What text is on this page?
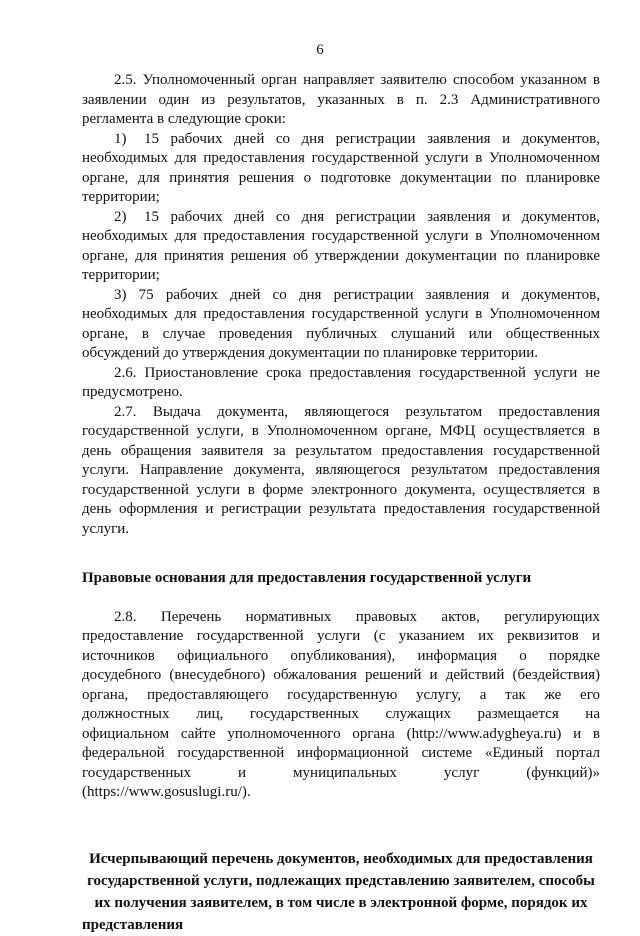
6

2.5. Уполномоченный орган направляет заявителю способом указанном в заявлении один из результатов, указанных в п. 2.3 Административного регламента в следующие сроки:

1) 15 рабочих дней со дня регистрации заявления и документов, необходимых для предоставления государственной услуги в Уполномоченном органе, для принятия решения о подготовке документации по планировке территории;

2) 15 рабочих дней со дня регистрации заявления и документов, необходимых для предоставления государственной услуги в Уполномоченном органе, для принятия решения об утверждении документации по планировке территории;

3) 75 рабочих дней со дня регистрации заявления и документов, необходимых для предоставления государственной услуги в Уполномоченном органе, в случае проведения публичных слушаний или общественных обсуждений до утверждения документации по планировке территории.

2.6. Приостановление срока предоставления государственной услуги не предусмотрено.

2.7. Выдача документа, являющегося результатом предоставления государственной услуги, в Уполномоченном органе, МФЦ осуществляется в день обращения заявителя за результатом предоставления государственной услуги. Направление документа, являющегося результатом предоставления государственной услуги в форме электронного документа, осуществляется в день оформления и регистрации результата предоставления государственной услуги.

Правовые основания для предоставления государственной услуги

2.8. Перечень нормативных правовых актов, регулирующих предоставление государственной услуги (с указанием их реквизитов и источников официального опубликования), информация о порядке досудебного (внесудебного) обжалования решений и действий (бездействия) органа, предоставляющего государственную услугу, а так же его должностных лиц, государственных служащих размещается на официальном сайте уполномоченного органа (http://www.adygheya.ru) и в федеральной государственной информационной системе «Единый портал государственных и муниципальных услуг (функций)» (https://www.gosuslugi.ru/).

Исчерпывающий перечень документов, необходимых для предоставления государственной услуги, подлежащих представлению заявителем, способы их получения заявителем, в том числе в электронной форме, порядок их представления
